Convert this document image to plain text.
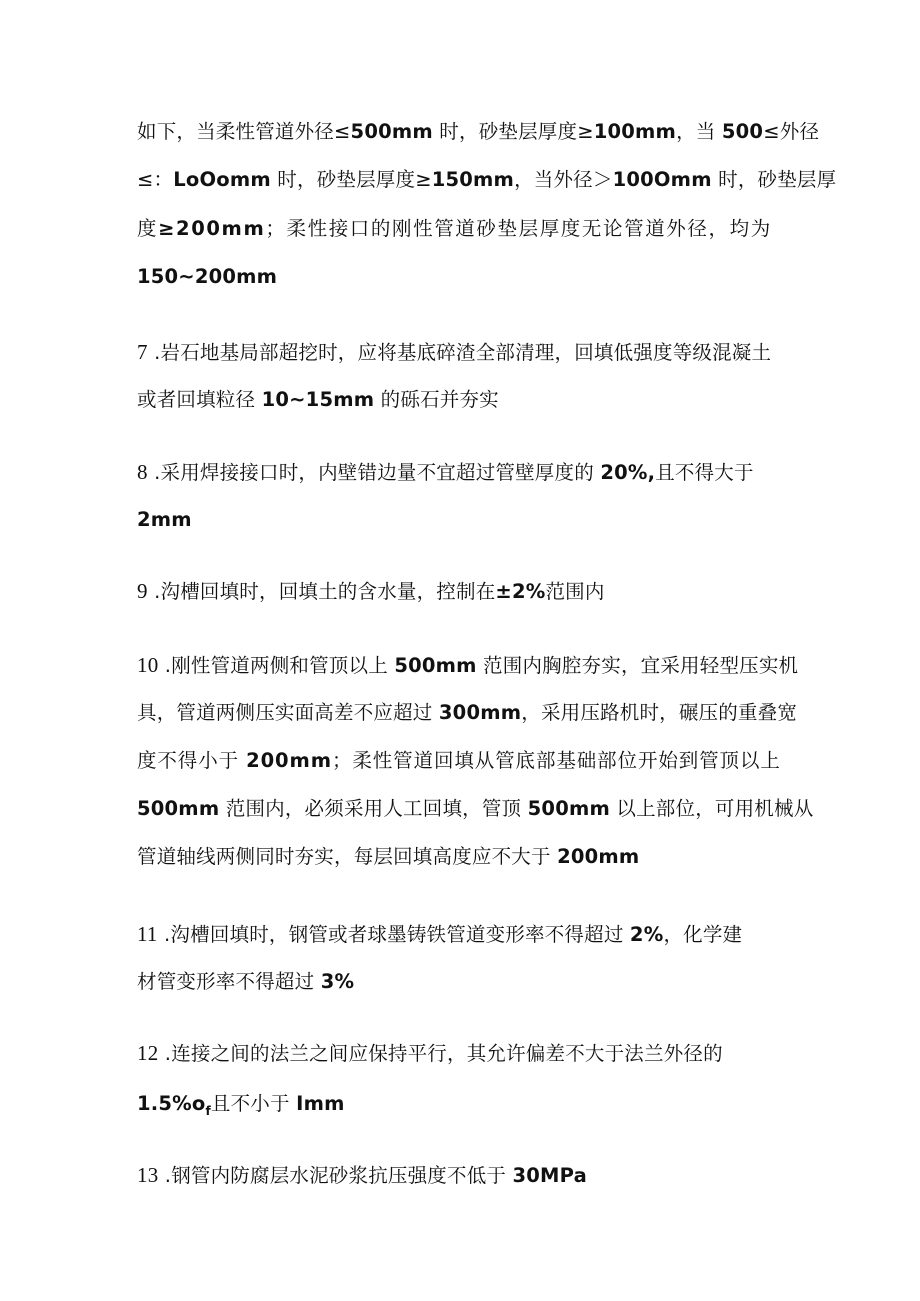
如下，当柔性管道外径≤500mm 时，砂垫层厚度≥100mm，当 500≤外径

≤：LoOomm 时，砂垫层厚度≥150mm，当外径＞100Omm 时，砂垫层厚

度≥200mm；柔性接口的刚性管道砂垫层厚度无论管道外径，均为

150~200mm

7 .岩石地基局部超挖时，应将基底碎渣全部清理，回填低强度等级混凝土

或者回填粒径 10~15mm 的砾石并夯实

8 .采用焊接接口时，内壁错边量不宜超过管壁厚度的 20%,且不得大于

2mm

9 .沟槽回填时，回填土的含水量，控制在±2%范围内

10 .刚性管道两侧和管顶以上 500mm 范围内胸腔夯实，宜采用轻型压实机

具，管道两侧压实面高差不应超过 300mm，采用压路机时，碾压的重叠宽

度不得小于 200mm；柔性管道回填从管底部基础部位开始到管顶以上

500mm 范围内，必须采用人工回填，管顶 500mm 以上部位，可用机械从

管道轴线两侧同时夯实，每层回填高度应不大于 200mm

11 .沟槽回填时，钢管或者球墨铸铁管道变形率不得超过 2%，化学建

材管变形率不得超过 3%

12 .连接之间的法兰之间应保持平行，其允许偏差不大于法兰外径的

$1.5\%o_f$且不小于 Imm

13 .钢管内防腐层水泥砂浆抗压强度不低于 30MPa
